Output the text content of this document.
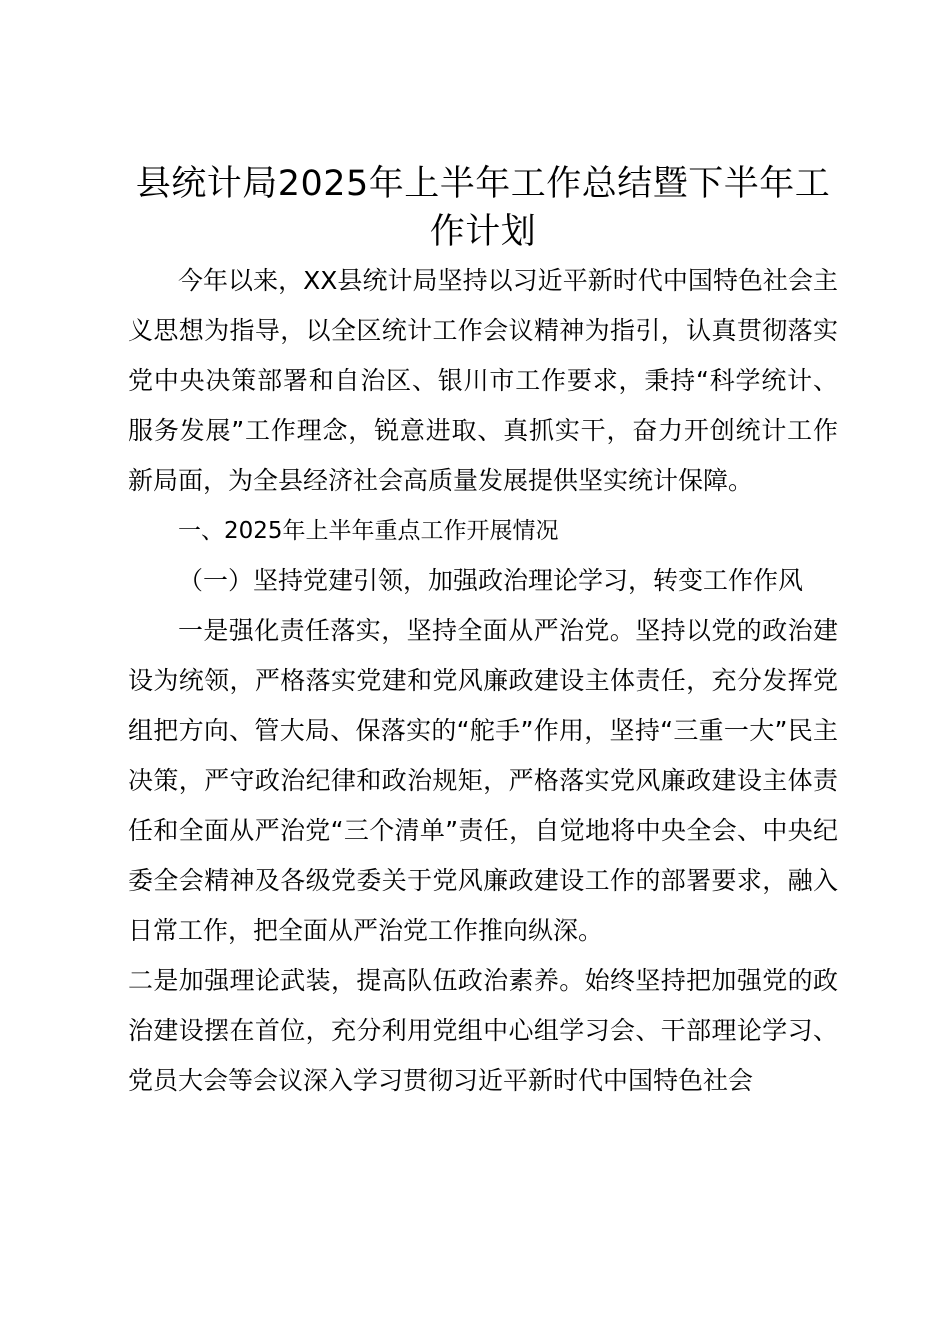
县统计局2025年上半年工作总结暨下半年工作计划

今年以来，XX县统计局坚持以习近平新时代中国特色社会主义思想为指导，以全区统计工作会议精神为指引，认真贯彻落实党中央决策部署和自治区、银川市工作要求，秉持“科学统计、服务发展”工作理念，锐意进取、真抓实干，奋力开创统计工作新局面，为全县经济社会高质量发展提供坚实统计保障。

一、2025年上半年重点工作开展情况

（一）坚持党建引领，加强政治理论学习，转变工作作风

一是强化责任落实，坚持全面从严治党。坚持以党的政治建设为统领，严格落实党建和党风廉政建设主体责任，充分发挥党组把方向、管大局、保落实的“舵手”作用，坚持“三重一大”民主决策，严守政治纪律和政治规矩，严格落实党风廉政建设主体责任和全面从严治党“三个清单”责任，自觉地将中央全会、中央纪委全会精神及各级党委关于党风廉政建设工作的部署要求，融入日常工作，把全面从严治党工作推向纵深。
二是加强理论武装，提高队伍政治素养。始终坚持把加强党的政治建设摆在首位，充分利用党组中心组学习会、干部理论学习、党员大会等会议深入学习贯彻习近平新时代中国特色社会
